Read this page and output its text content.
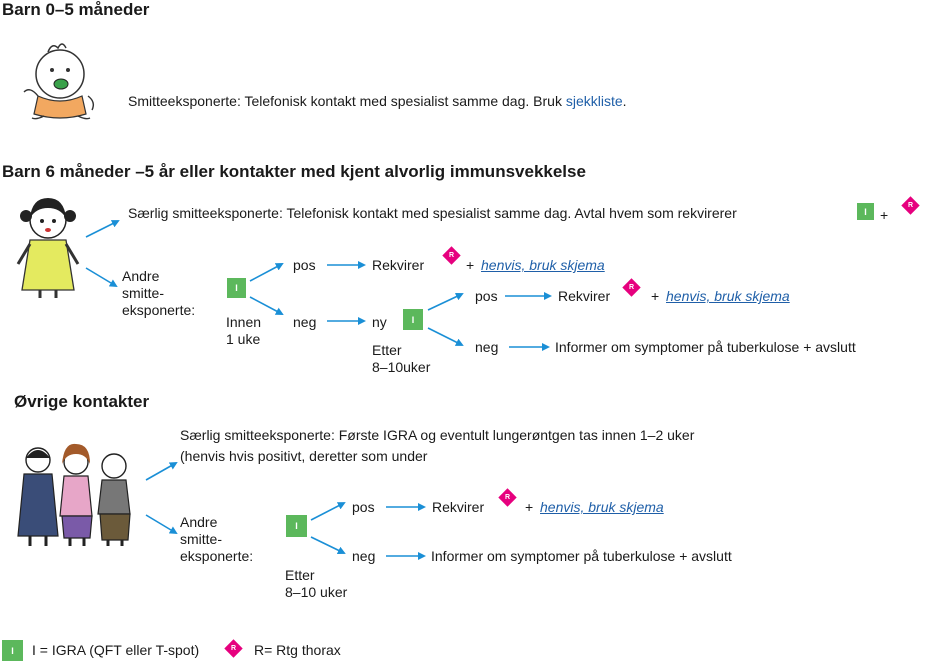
Barn 0–5 måneder
Smitteeksponerte: Telefonisk kontakt med spesialist samme dag. Bruk sjekkliste.
Barn 6 måneder –5 år eller kontakter med kjent alvorlig immunsvekkelse
Særlig smitteeksponerte: Telefonisk kontakt med spesialist samme dag. Avtal hvem som rekvirerer	I +
R
Andre
smitte-
eksponerte:
I
Innen
1 uke
pos	Rekvirer
R
+ henvis, bruk skjema
neg	ny	I
Etter
8–10uker
pos	Rekvirer
R
+ henvis, bruk skjema
neg	Informer om symptomer på tuberkulose + avslutt
Øvrige kontakter
Særlig smitteeksponerte: Første IGRA og eventult lungerøntgen tas innen 1–2 uker
(henvis hvis positivt, deretter som under
Andre
smitte-
eksponerte:
I
Etter
8–10 uker
pos	Rekvirer
R
+ henvis, bruk skjema
neg	Informer om symptomer på tuberkulose + avslutt
I	I = IGRA (QFT eller T-spot)	R R= Rtg thorax
